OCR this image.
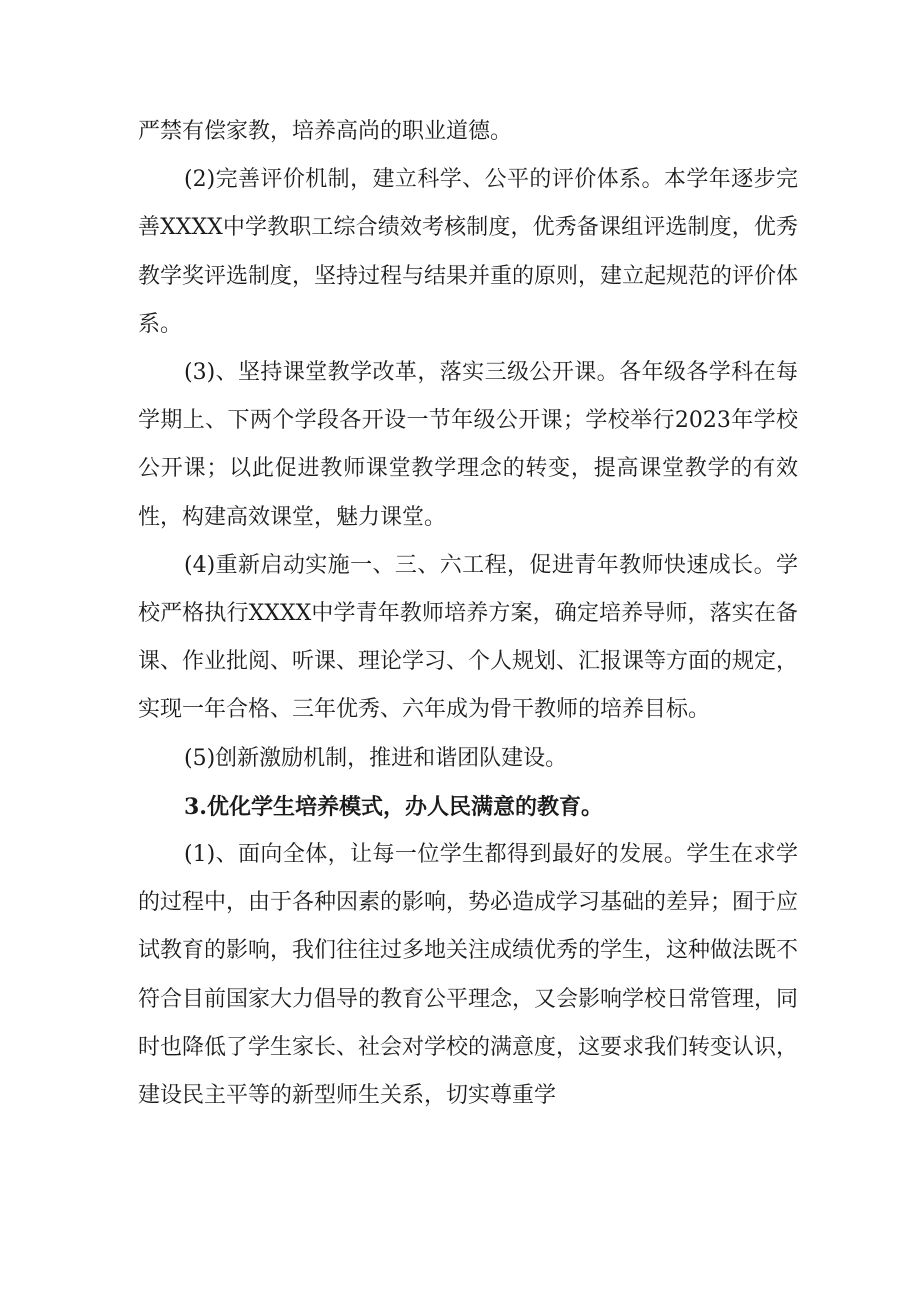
严禁有偿家教，培养高尚的职业道德。

(2)完善评价机制，建立科学、公平的评价体系。本学年逐步完善XXXX中学教职工综合绩效考核制度，优秀备课组评选制度，优秀教学奖评选制度，坚持过程与结果并重的原则，建立起规范的评价体系。

(3)、坚持课堂教学改革，落实三级公开课。各年级各学科在每学期上、下两个学段各开设一节年级公开课；学校举行2023年学校公开课；以此促进教师课堂教学理念的转变，提高课堂教学的有效性，构建高效课堂，魅力课堂。

(4)重新启动实施一、三、六工程，促进青年教师快速成长。学校严格执行XXXX中学青年教师培养方案，确定培养导师，落实在备课、作业批阅、听课、理论学习、个人规划、汇报课等方面的规定，实现一年合格、三年优秀、六年成为骨干教师的培养目标。

(5)创新激励机制，推进和谐团队建设。

3.优化学生培养模式，办人民满意的教育。

(1)、面向全体，让每一位学生都得到最好的发展。学生在求学的过程中，由于各种因素的影响，势必造成学习基础的差异；囿于应试教育的影响，我们往往过多地关注成绩优秀的学生，这种做法既不符合目前国家大力倡导的教育公平理念，又会影响学校日常管理，同时也降低了学生家长、社会对学校的满意度，这要求我们转变认识，建设民主平等的新型师生关系，切实尊重学
